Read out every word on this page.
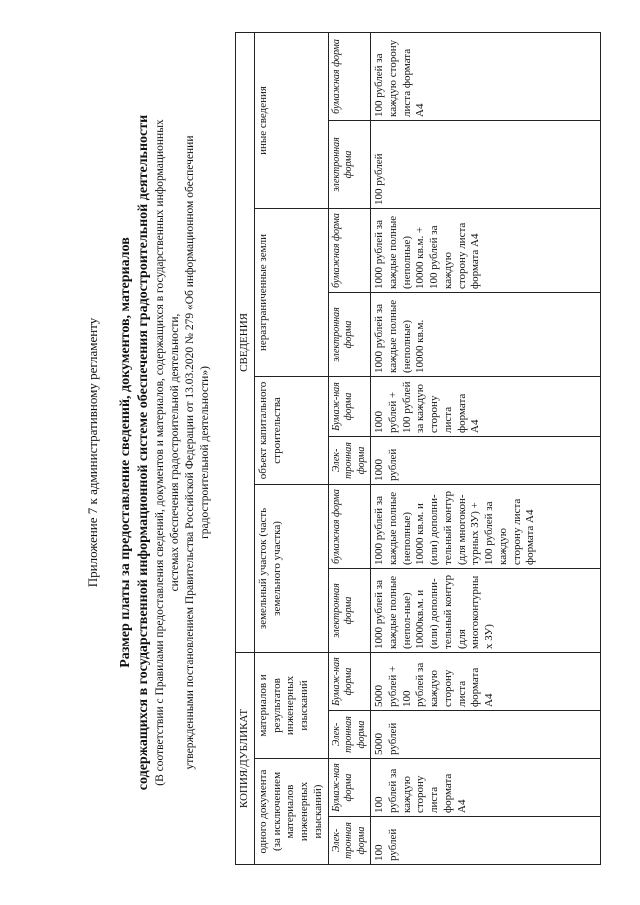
Приложение 7 к административному регламенту Размер платы за предоставление сведений, документов, материалов содержащихся в государственной информационной системе обеспечения градостроительной деятельности (В соответствии с Правилами предоставления сведений, документов и материалов, содержащихся в государственных информационных системах обеспечения градостроительной деятельности, утвержденными постановлением Правительства Российской Федерации от 13.03.2020 № 279 «Об информационном обеспечении градостроительной деятельности»)
КОПИЯ/ДУБЛИКАТ				СВЕДЕНИЯ							
одного документа (за исключением материалов инженерных изысканий)		материалов и результатов инженерных изысканий		земельный участок (часть земельного участка)		объект капитального строительства		неразграниченные земли		иные сведения	
Элек-тронная форма	Бумаж-ная форма	Элек-тронная форма	Бумаж-ная форма	электронная форма	бумажная форма	Элек-тронная форма	Бумаж-ная форма	электронная форма	бумажная форма	электронная форма	бумажная форма
100 рублей	100 рублей за каждую сторону листа формата А4	5000 рублей	5000 рублей + 100 рублей за каждую сторону листа формата А4	1000 рублей за каждые полные (непол-ные) 10000кв.м. и (или) дополни-тельный контур (для многоконтурных ЗУ)	1000 рублей за каждые полные (неполные) 10000 кв.м. и (или) дополни-тельный контур (для многокон-турных ЗУ) + 100 рублей за каждую сторону листа формата А4	1000 рублей	1000 рублей + 100 рублей за каждую сторону листа формата А4	1000 рублей за каждые полные (неполные) 10000 кв.м.	1000 рублей за каждые полные (неполные) 10000 кв.м. + 100 рублей за каждую сторону листа формата А4	100 рублей	100 рублей за каждую сторону листа формата А4
